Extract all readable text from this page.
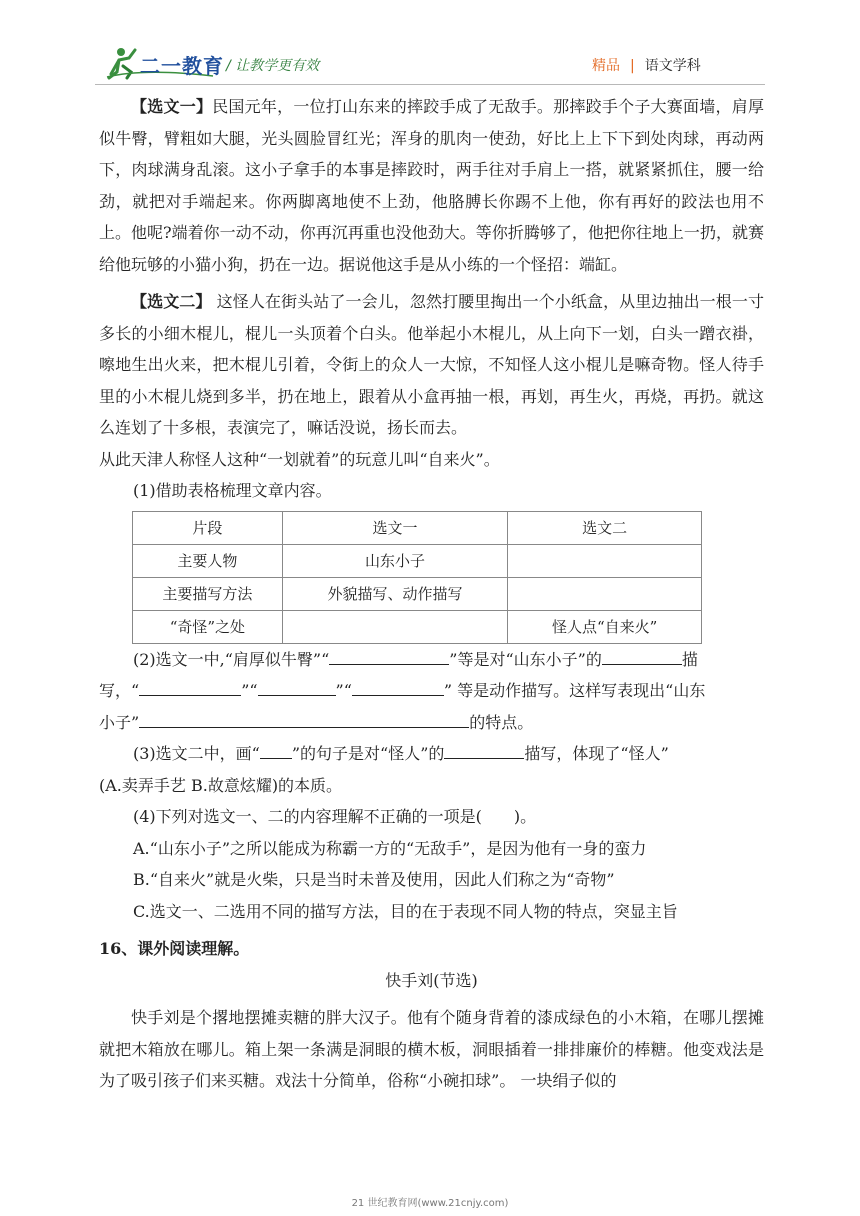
二一教育 / 让教学更有效	精品 | 语文学科
【选文一】民国元年，一位打山东来的摔跤手成了无敌手。那摔跤手个子大赛面墙，肩厚似牛臀，臂粗如大腿，光头圆脸冒红光；浑身的肌肉一使劲，好比上上下下到处肉球，再动两下，肉球满身乱滚。这小子拿手的本事是摔跤时，两手往对手肩上一搭，就紧紧抓住，腰一给劲，就把对手端起来。你两脚离地使不上劲，他胳膊长你踢不上他，你有再好的跤法也用不上。他呢?端着你一动不动，你再沉再重也没他劲大。等你折腾够了，他把你往地上一扔，就赛给他玩够的小猫小狗，扔在一边。据说他这手是从小练的一个怪招：端缸。
【选文二】 这怪人在街头站了一会儿，忽然打腰里掏出一个小纸盒，从里边抽出一根一寸多长的小细木棍儿，棍儿一头顶着个白头。他举起小木棍儿，从上向下一划，白头一蹭衣褂，嚓地生出火来，把木棍儿引着，令街上的众人一大惊，不知怪人这小棍儿是嘛奇物。怪人待手里的小木棍儿烧到多半，扔在地上，跟着从小盒再抽一根，再划，再生火，再烧，再扔。就这么连划了十多根，表演完了，嘛话没说，扬长而去。
从此天津人称怪人这种“一划就着”的玩意儿叫“自来火”。
(1)借助表格梳理文章内容。
片段	选文一	选文二
主要人物	山东小子	
主要描写方法	外貌描写、动作描写	
“奇怪”之处		怪人点“自来火”
(2)选文一中,“肩厚似牛臀”“	”等是对“山东小子”的	描
写，“	”“	”“	” 等是动作描写。这样写表现出“山东
小子”	的特点。
(3)选文二中，画“ ”的句子是对“怪人”的	描写，体现了“怪人”
(A.卖弄手艺 B.故意炫耀)的本质。
(4)下列对选文一、二的内容理解不正确的一项是(　　)。
A.“山东小子”之所以能成为称霸一方的“无敌手”，是因为他有一身的蛮力
B.“自来火”就是火柴，只是当时未普及使用，因此人们称之为“奇物”
C.选文一、二选用不同的描写方法，目的在于表现不同人物的特点，突显主旨
16、课外阅读理解。
快手刘(节选)
快手刘是个撂地摆摊卖糖的胖大汉子。他有个随身背着的漆成绿色的小木箱，在哪儿摆摊就把木箱放在哪儿。箱上架一条满是洞眼的横木板，洞眼插着一排排廉价的棒糖。他变戏法是为了吸引孩子们来买糖。戏法十分简单，俗称“小碗扣球”。 一块绢子似的
21 世纪教育网(www.21cnjy.com)
